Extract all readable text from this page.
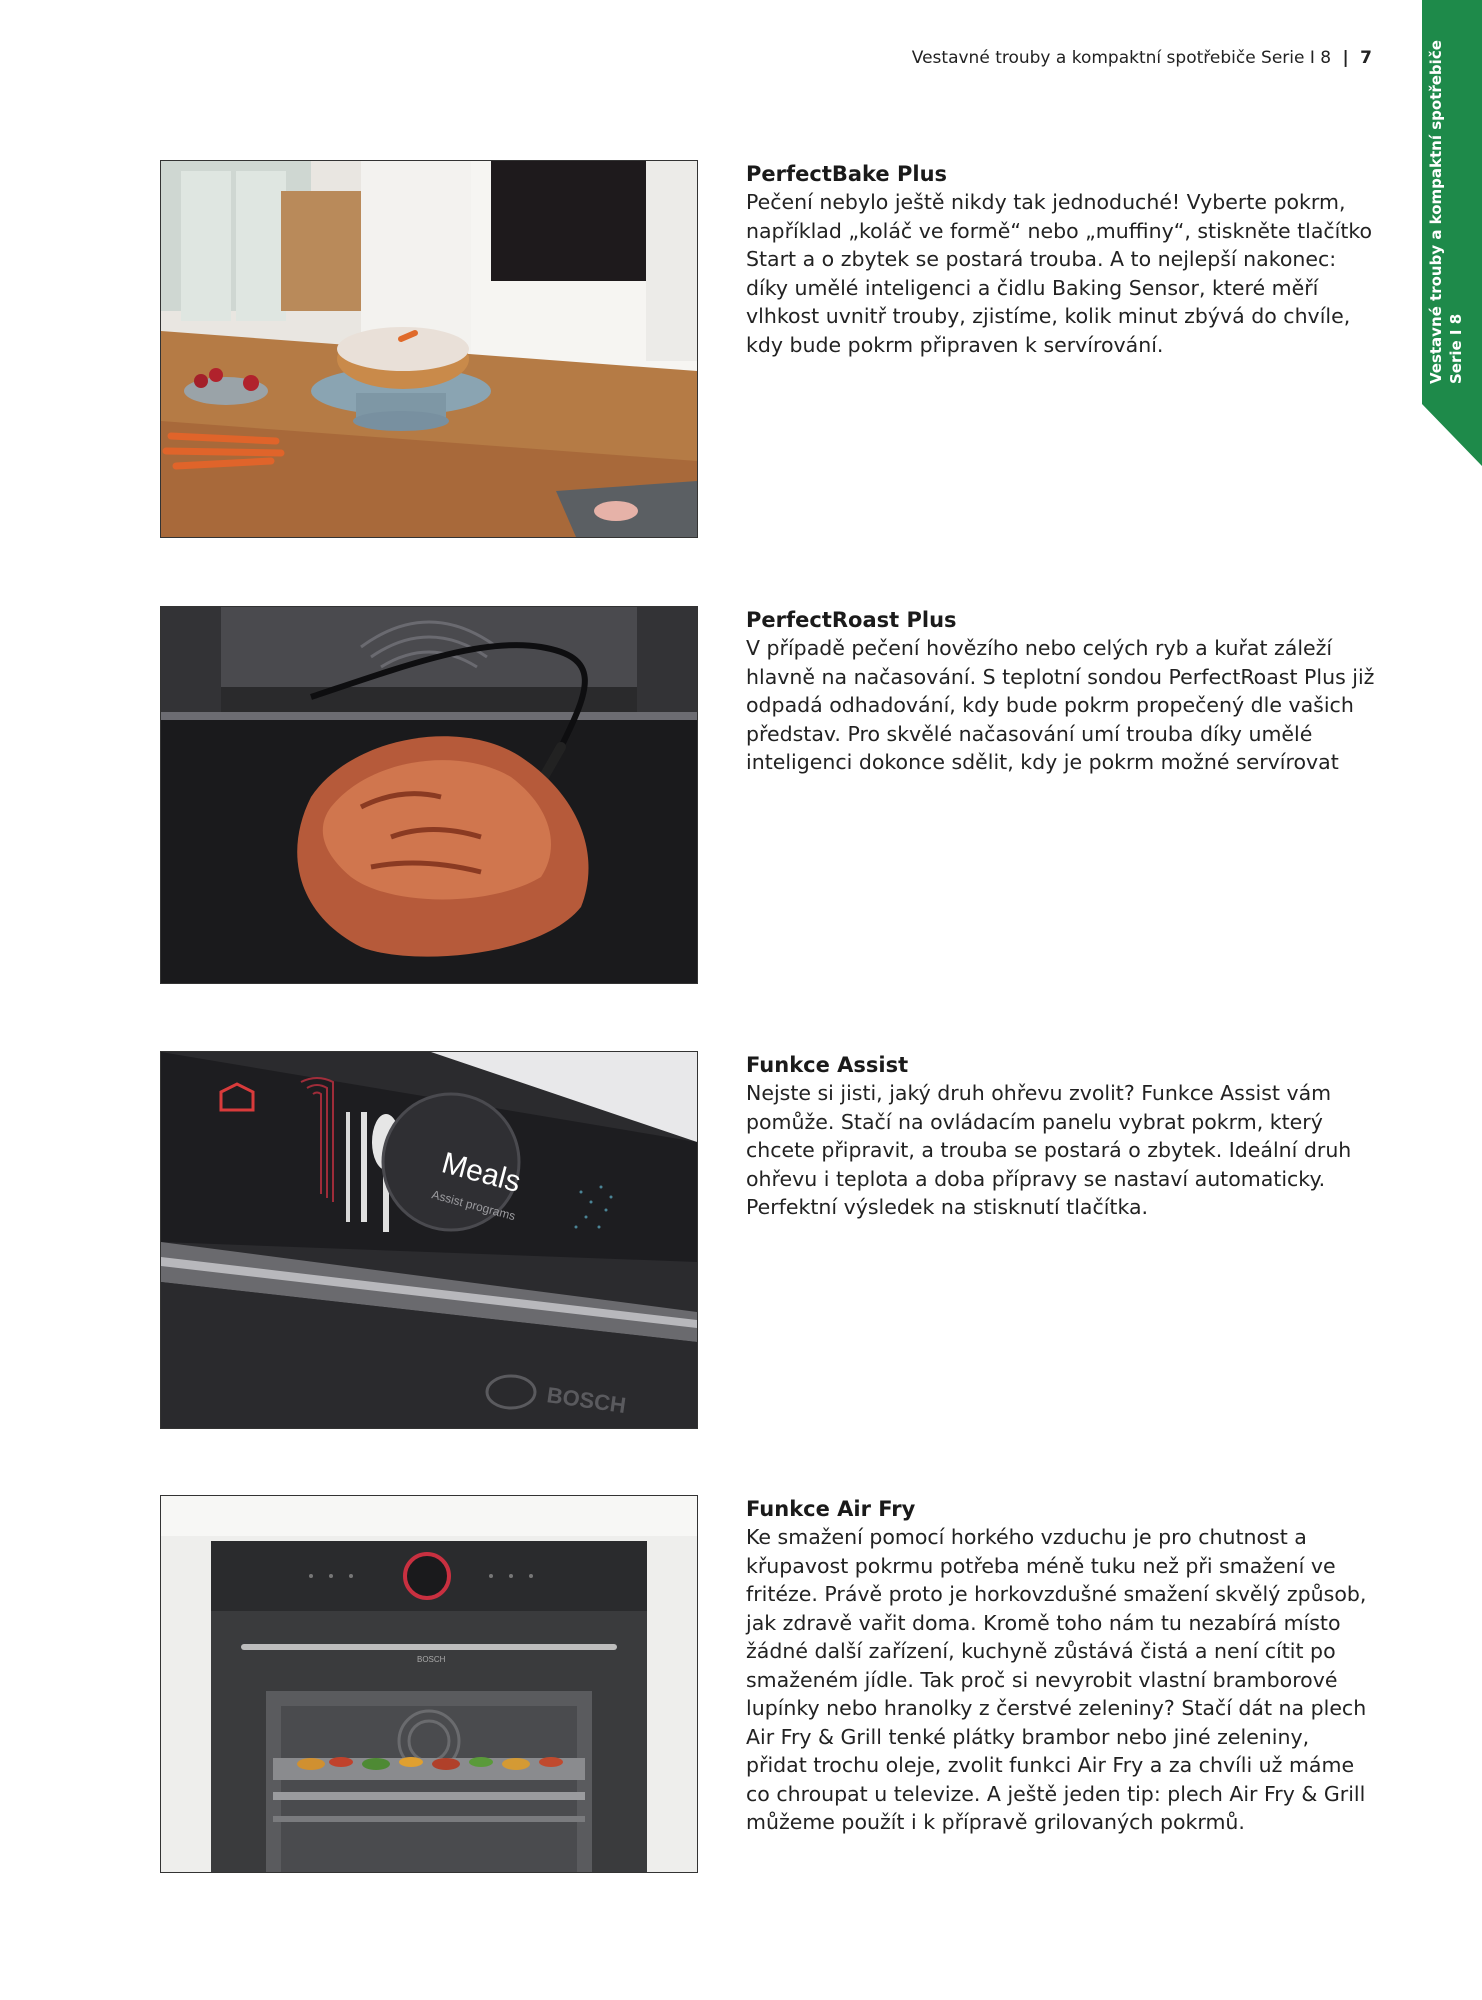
Vestavné trouby a kompaktní spotřebiče Serie I 8 | 7	Vestavné trouby a kompaktní spotřebiče Serie I 8
PerfectBake Plus

Pečení nebylo ještě nikdy tak jednoduché! Vyberte pokrm, například „koláč ve formě“ nebo „muffiny“, stiskněte tlačítko Start a o zbytek se postará trouba. A to nejlepší nakonec: díky umělé inteligenci a čidlu Baking Sensor, které měří vlhkost uvnitř trouby, zjistíme, kolik minut zbývá do chvíle, kdy bude pokrm připraven k servírování.

PerfectRoast Plus

V případě pečení hovězího nebo celých ryb a kuřat záleží hlavně na načasování. S teplotní sondou PerfectRoast Plus již odpadá odhadování, kdy bude pokrm propečený dle vašich představ. Pro skvělé načasování umí trouba díky umělé inteligenci dokonce sdělit, kdy je pokrm možné servírovat

Meals
Assist programs
BOSCH
Funkce Assist

Nejste si jisti, jaký druh ohřevu zvolit? Funkce Assist vám pomůže. Stačí na ovládacím panelu vybrat pokrm, který chcete připravit, a trouba se postará o zbytek. Ideální druh ohřevu i teplota a doba přípravy se nastaví automaticky. Perfektní výsledek na stisknutí tlačítka.

BOSCH
Funkce Air Fry

Ke smažení pomocí horkého vzduchu je pro chutnost a křupavost pokrmu potřeba méně tuku než při smažení ve fritéze. Právě proto je horkovzdušné smažení skvělý způsob, jak zdravě vařit doma. Kromě toho nám tu nezabírá místo žádné další zařízení, kuchyně zůstává čistá a není cítit po smaženém jídle. Tak proč si nevyrobit vlastní bramborové lupínky nebo hranolky z čerstvé zeleniny? Stačí dát na plech Air Fry & Grill tenké plátky brambor nebo jiné zeleniny, přidat trochu oleje, zvolit funkci Air Fry a za chvíli už máme co chroupat u televize. A ještě jeden tip: plech Air Fry & Grill můžeme použít i k přípravě grilovaných pokrmů.
